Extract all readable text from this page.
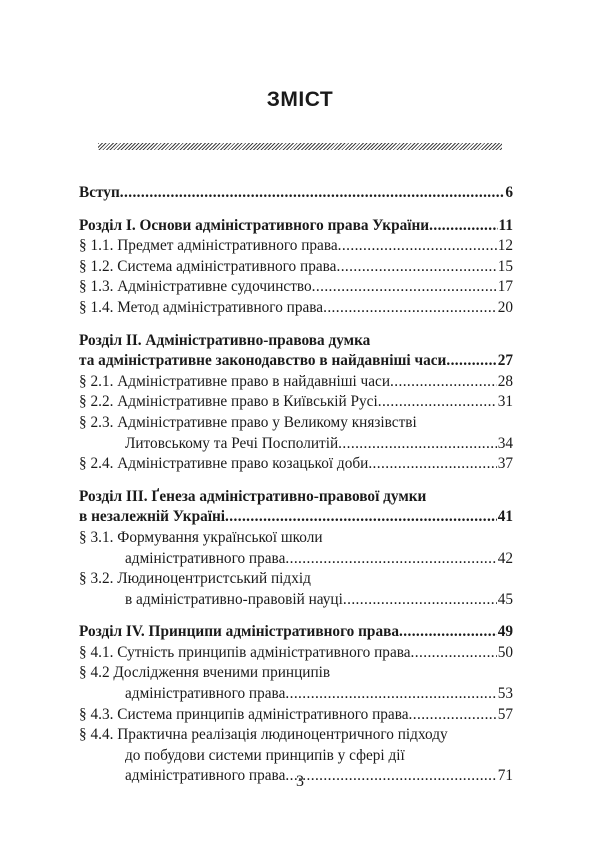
ЗМІСТ
Вступ .....	6
Розділ І. Основи адміністративного права України .....	11
§ 1.1. Предмет адміністративного права .....	12
§ 1.2. Система адміністративного права .....	15
§ 1.3. Адміністративне судочинство .....	17
§ 1.4. Метод адміністративного права .....	20
Розділ ІІ. Адміністративно-правова думка
та адміністративне законодавство в найдавніші часи .....	27
§ 2.1. Адміністративне право в найдавніші часи .....	28
§ 2.2. Адміністративне право в Київській Русі .....	31
§ 2.3. Адміністративне право у Великому князівстві
Литовському та Речі Посполитій .....	34
§ 2.4. Адміністративне право козацької доби .....	37
Розділ ІІІ. Ґенеза адміністративно-правової думки
в незалежній Україні .....	41
§ 3.1. Формування української школи
адміністративного права .....	42
§ 3.2. Людиноцентристський підхід
в адміністративно-правовій науці .....	45
Розділ IV. Принципи адміністративного права .....	49
§ 4.1. Сутність принципів адміністративного права .....	50
§ 4.2 Дослідження вченими принципів
адміністративного права .....	53
§ 4.3. Система принципів адміністративного права .....	57
§ 4.4. Практична реалізація людиноцентричного підходу
до побудови системи принципів у сфері дії
адміністративного права .....	71
3
